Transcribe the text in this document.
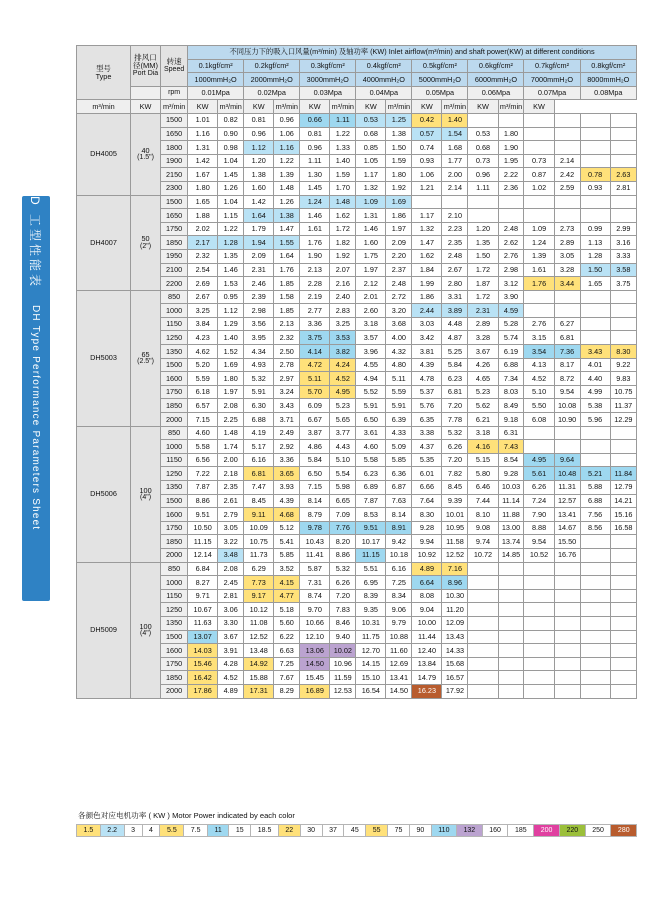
D 工型性能表
DH Type Performance Parameters Sheet
型号
Type

排风口径(MM)
Port Dia

转速
Speed
	不同压力下的吸入口风量(m³/min) 及轴功率 (KW) Inlet airflow(m³/min) and shaft power(KW) at different conditions
			0.1kgf/cm²		0.2kgf/cm²		0.3kgf/cm²		0.4kgf/cm²		0.5kgf/cm²		0.6kgf/cm²		0.7kgf/cm²		0.8kgf/cm²	
			1000mmH₂O		2000mmH₂O		3000mmH₂O		4000mmH₂O		5000mmH₂O		6000mmH₂O		7000mmH₂O		8000mmH₂O	
		rpm	0.01Mpa		0.02Mpa		0.03Mpa		0.04Mpa		0.05Mpa		0.06Mpa		0.07Mpa		0.08Mpa	
m³/min	KW	m³/min	KW	m³/min	KW	m³/min	KW	m³/min	KW	m³/min	KW	m³/min	KW	m³/min	KW			
DH4005	40
(1.5")	1500	1.01	0.82	0.81	0.96	0.66	1.11	0.53	1.25	0.42	1.40						
		1650	1.16	0.90	0.96	1.06	0.81	1.22	0.68	1.38	0.57	1.54	0.53	1.80				
		1800	1.31	0.98	1.12	1.16	0.96	1.33	0.85	1.50	0.74	1.68	0.68	1.90				
		1900	1.42	1.04	1.20	1.22	1.11	1.40	1.05	1.59	0.93	1.77	0.73	1.95	0.73	2.14		
		2150	1.67	1.45	1.38	1.39	1.30	1.59	1.17	1.80	1.06	2.00	0.96	2.22	0.87	2.42	0.78	2.63
		2300	1.80	1.26	1.60	1.48	1.45	1.70	1.32	1.92	1.21	2.14	1.11	2.36	1.02	2.59	0.93	2.81
DH4007	50
(2")	1500	1.65	1.04	1.42	1.26	1.24	1.48	1.09	1.69								
		1650	1.88	1.15	1.64	1.38	1.46	1.62	1.31	1.86	1.17	2.10						
		1750	2.02	1.22	1.79	1.47	1.61	1.72	1.46	1.97	1.32	2.23	1.20	2.48	1.09	2.73	0.99	2.99
		1850	2.17	1.28	1.94	1.55	1.76	1.82	1.60	2.09	1.47	2.35	1.35	2.62	1.24	2.89	1.13	3.16
		1950	2.32	1.35	2.09	1.64	1.90	1.92	1.75	2.20	1.62	2.48	1.50	2.76	1.39	3.05	1.28	3.33
		2100	2.54	1.46	2.31	1.76	2.13	2.07	1.97	2.37	1.84	2.67	1.72	2.98	1.61	3.28	1.50	3.58
		2200	2.69	1.53	2.46	1.85	2.28	2.16	2.12	2.48	1.99	2.80	1.87	3.12	1.76	3.44	1.65	3.75
DH5003	65
(2.5")	850	2.67	0.95	2.39	1.58	2.19	2.40	2.01	2.72	1.86	3.31	1.72	3.90				
		1000	3.25	1.12	2.98	1.85	2.77	2.83	2.60	3.20	2.44	3.89	2.31	4.59				
		1150	3.84	1.29	3.56	2.13	3.36	3.25	3.18	3.68	3.03	4.48	2.89	5.28	2.76	6.27		
		1250	4.23	1.40	3.95	2.32	3.75	3.53	3.57	4.00	3.42	4.87	3.28	5.74	3.15	6.81		
		1350	4.62	1.52	4.34	2.50	4.14	3.82	3.96	4.32	3.81	5.25	3.67	6.19	3.54	7.36	3.43	8.30
		1500	5.20	1.69	4.93	2.78	4.72	4.24	4.55	4.80	4.39	5.84	4.26	6.88	4.13	8.17	4.01	9.22
		1600	5.59	1.80	5.32	2.97	5.11	4.52	4.94	5.11	4.78	6.23	4.65	7.34	4.52	8.72	4.40	9.83
		1750	6.18	1.97	5.91	3.24	5.70	4.95	5.52	5.59	5.37	6.81	5.23	8.03	5.10	9.54	4.99	10.75
		1850	6.57	2.08	6.30	3.43	6.09	5.23	5.91	5.91	5.76	7.20	5.62	8.49	5.50	10.08	5.38	11.37
		2000	7.15	2.25	6.88	3.71	6.67	5.65	6.50	6.39	6.35	7.78	6.21	9.18	6.08	10.90	5.96	12.29
DH5006	100
(4")	850	4.60	1.48	4.19	2.49	3.87	3.77	3.61	4.33	3.38	5.32	3.18	6.31				
		1000	5.58	1.74	5.17	2.92	4.86	4.43	4.60	5.09	4.37	6.26	4.16	7.43				
		1150	6.56	2.00	6.16	3.36	5.84	5.10	5.58	5.85	5.35	7.20	5.15	8.54	4.95	9.64		
		1250	7.22	2.18	6.81	3.65	6.50	5.54	6.23	6.36	6.01	7.82	5.80	9.28	5.61	10.48	5.21	11.84
		1350	7.87	2.35	7.47	3.93	7.15	5.98	6.89	6.87	6.66	8.45	6.46	10.03	6.26	11.31	5.88	12.79
		1500	8.86	2.61	8.45	4.39	8.14	6.65	7.87	7.63	7.64	9.39	7.44	11.14	7.24	12.57	6.88	14.21
		1600	9.51	2.79	9.11	4.68	8.79	7.09	8.53	8.14	8.30	10.01	8.10	11.88	7.90	13.41	7.56	15.16
		1750	10.50	3.05	10.09	5.12	9.78	7.76	9.51	8.91	9.28	10.95	9.08	13.00	8.88	14.67	8.56	16.58
		1850	11.15	3.22	10.75	5.41	10.43	8.20	10.17	9.42	9.94	11.58	9.74	13.74	9.54	15.50		
		2000	12.14	3.48	11.73	5.85	11.41	8.86	11.15	10.18	10.92	12.52	10.72	14.85	10.52	16.76		
DH5009	100
(4")	850	6.84	2.08	6.29	3.52	5.87	5.32	5.51	6.16	4.89	7.16						
		1000	8.27	2.45	7.73	4.15	7.31	6.26	6.95	7.25	6.64	8.96						
		1150	9.71	2.81	9.17	4.77	8.74	7.20	8.39	8.34	8.08	10.30						
		1250	10.67	3.06	10.12	5.18	9.70	7.83	9.35	9.06	9.04	11.20						
		1350	11.63	3.30	11.08	5.60	10.66	8.46	10.31	9.79	10.00	12.09						
		1500	13.07	3.67	12.52	6.22	12.10	9.40	11.75	10.88	11.44	13.43						
		1600	14.03	3.91	13.48	6.63	13.06	10.02	12.70	11.60	12.40	14.33						
		1750	15.46	4.28	14.92	7.25	14.50	10.96	14.15	12.69	13.84	15.68						
		1850	16.42	4.52	15.88	7.67	15.45	11.59	15.10	13.41	14.79	16.57						
		2000	17.86	4.89	17.31	8.29	16.89	12.53	16.54	14.50	16.23	17.92						
各颜色对应电机功率 ( KW ) Motor Power indicated by each color
1.5	2.2	3	4	5.5	7.5	11	15	18.5	22	30	37	45	55	75	90	110	132	160	185	200	220	250	280
